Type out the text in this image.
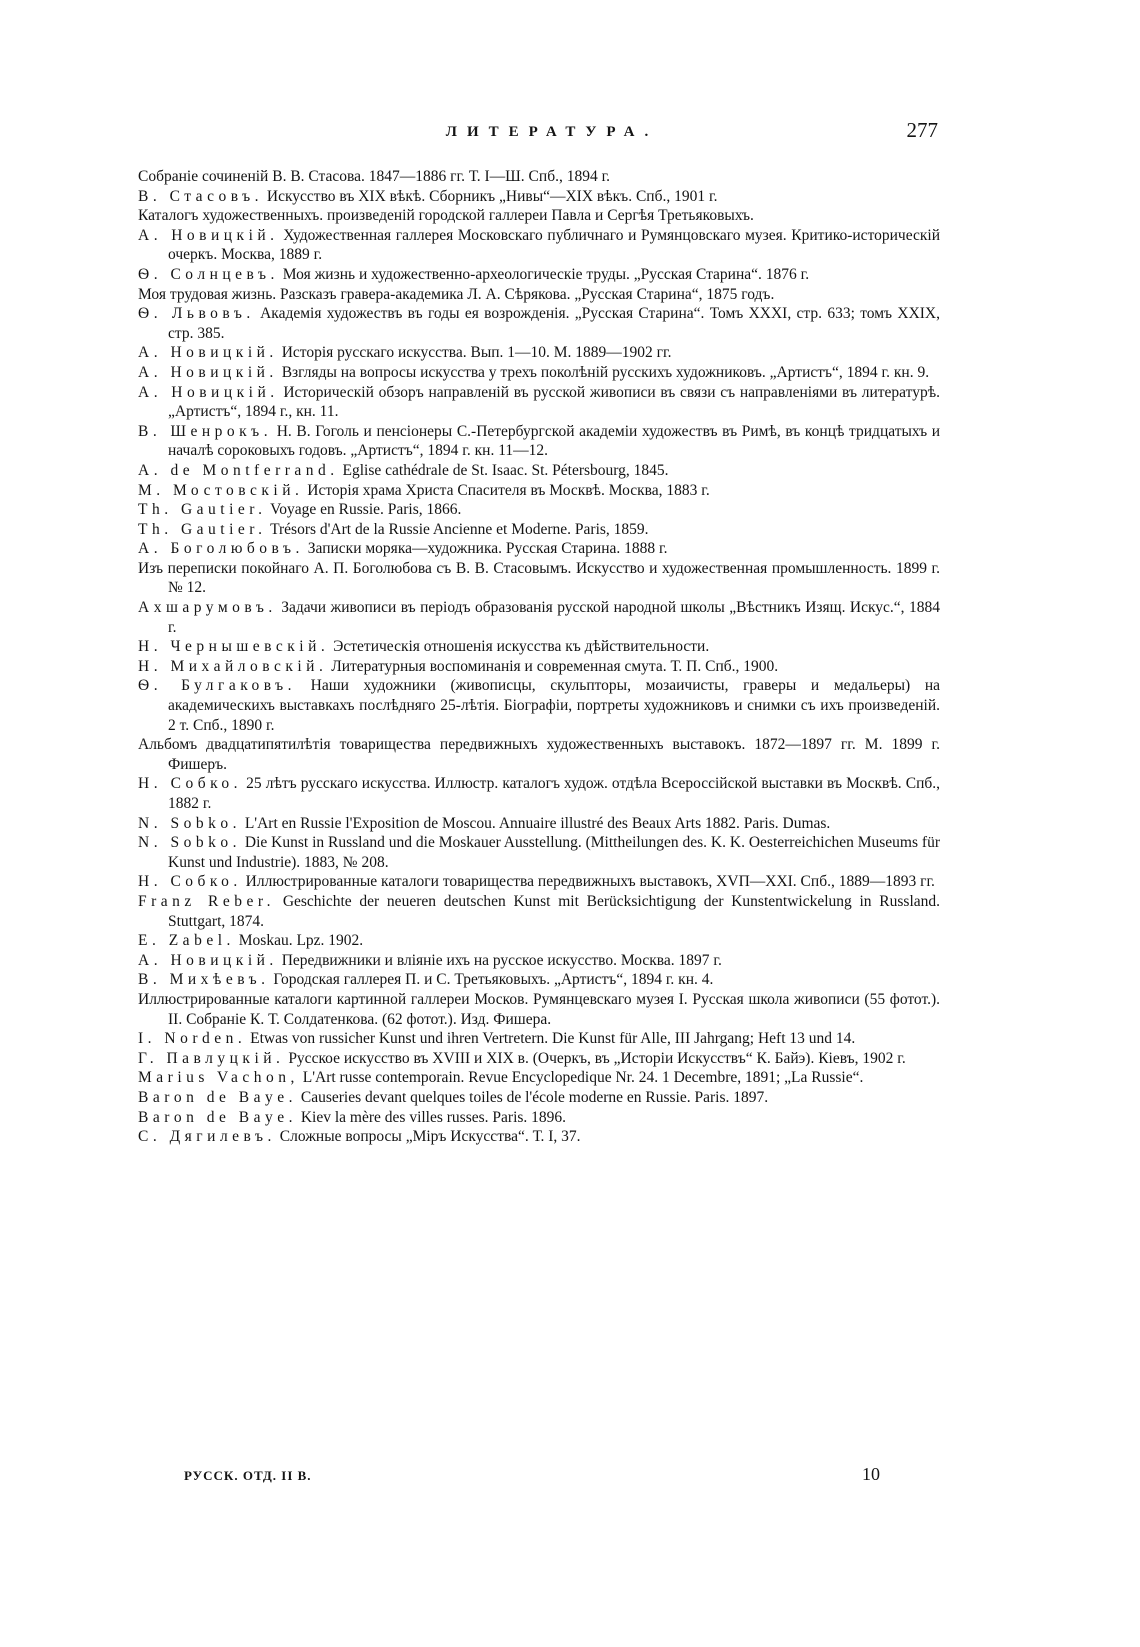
ЛИТЕРАТУРА.	277
Собраніе сочиненій В. В. Стасова. 1847—1886 гг. Т. I—Ш. Спб., 1894 г.
В. Стасовъ. Искусство въ XIX вѣкѣ. Сборникъ „Нивы“—XIX вѣкъ. Спб., 1901 г.
Каталогъ художественныхъ. произведеній городской галлереи Павла и Сергѣя Третьяковыхъ.
А. Новицкій. Художественная галлерея Московскаго публичнаго и Румянцовскаго музея. Критико-историческій очеркъ. Москва, 1889 г.
Ѳ. Солнцевъ. Моя жизнь и художественно-археологическіе труды. „Русская Старина“. 1876 г.
Моя трудовая жизнь. Разсказъ гравера-академика Л. А. Сѣрякова. „Русская Старина“, 1875 годъ.
Ѳ. Львовъ. Академія художествъ въ годы ея возрожденія. „Русская Старина“. Томъ XXXI, стр. 633; томъ XXIX, стр. 385.
А. Новицкій. Исторія русскаго искусства. Вып. 1—10. М. 1889—1902 гг.
А. Новицкій. Взгляды на вопросы искусства у трехъ поколѣній русскихъ художниковъ. „Артистъ“, 1894 г. кн. 9.
А. Новицкій. Историческій обзоръ направленій въ русской живописи въ связи съ направленіями въ литературѣ. „Артистъ“, 1894 г., кн. 11.
В. Шенрокъ. Н. В. Гоголь и пенсіонеры С.-Петербургской академіи художествъ въ Римѣ, въ концѣ тридцатыхъ и началѣ сороковыхъ годовъ. „Артистъ“, 1894 г. кн. 11—12.
A. de Montferrand. Eglise cathédrale de St. Isaac. St. Pétersbourg, 1845.
М. Мостовскій. Исторія храма Христа Спасителя въ Москвѣ. Москва, 1883 г.
Th. Gautier. Voyage en Russie. Paris, 1866.
Th. Gautier. Trésors d'Art de la Russie Ancienne et Moderne. Paris, 1859.
А. Боголюбовъ. Записки моряка—художника. Русская Старина. 1888 г.
Изъ переписки покойнаго А. П. Боголюбова съ В. В. Стасовымъ. Искусство и художественная промышленность. 1899 г. № 12.
Ахшарумовъ. Задачи живописи въ періодъ образованія русской народной школы „Вѣстникъ Изящ. Искус.“, 1884 г.
Н. Чернышевскій. Эстетическія отношенія искусства къ дѣйствительности.
Н. Михайловскій. Литературныя воспоминанія и современная смута. Т. П. Спб., 1900.
Ѳ. Булгаковъ. Наши художники (живописцы, скульпторы, мозаичисты, граверы и медальеры) на академическихъ выставкахъ послѣдняго 25-лѣтія. Біографіи, портреты художниковъ и снимки съ ихъ произведеній. 2 т. Спб., 1890 г.
Альбомъ двадцатипятилѣтія товарищества передвижныхъ художественныхъ выставокъ. 1872—1897 гг. М. 1899 г. Фишеръ.
Н. Собко. 25 лѣтъ русскаго искусства. Иллюстр. каталогъ худож. отдѣла Всероссійской выставки въ Москвѣ. Спб., 1882 г.
N. Sobko. L'Art en Russie l'Exposition de Moscou. Annuaire illustré des Beaux Arts 1882. Paris. Dumas.
N. Sobko. Die Kunst in Russland und die Moskauer Ausstellung. (Mittheilungen des. K. K. Oesterreichichen Museums für Kunst und Industrie). 1883, № 208.
Н. Собко. Иллюстрированные каталоги товарищества передвижныхъ выставокъ, XVП—XXI. Спб., 1889—1893 гг.
Franz Reber. Geschichte der neueren deutschen Kunst mit Berücksichtigung der Kunstentwickelung in Russland. Stuttgart, 1874.
E. Zabel. Moskau. Lpz. 1902.
А. Новицкій. Передвижники и вліяніе ихъ на русское искусство. Москва. 1897 г.
В. Михѣевъ. Городская галлерея П. и С. Третьяковыхъ. „Артистъ“, 1894 г. кн. 4.
Иллюстрированные каталоги картинной галлереи Москов. Румянцевскаго музея I. Русская школа живописи (55 фотот.). II. Собраніе К. Т. Солдатенкова. (62 фотот.). Изд. Фишера.
I. Norden. Etwas von russicher Kunst und ihren Vertretern. Die Kunst für Alle, III Jahrgang; Heft 13 und 14.
Г. Павлуцкій. Русское искусство въ XVIII и XIX в. (Очеркъ, въ „Исторіи Искусствъ“ К. Байэ). Кіевъ, 1902 г.
Marius Vachon, L'Art russe contemporain. Revue Encyclopedique Nr. 24. 1 Decembre, 1891; „La Russie“.
Baron de Baye. Causeries devant quelques toiles de l'école moderne en Russie. Paris. 1897.
Baron de Baye. Kiev la mère des villes russes. Paris. 1896.
С. Дягилевъ. Сложные вопросы „Міръ Искусства“. Т. I, 37.
РУССК. ОТД. II В.	10
